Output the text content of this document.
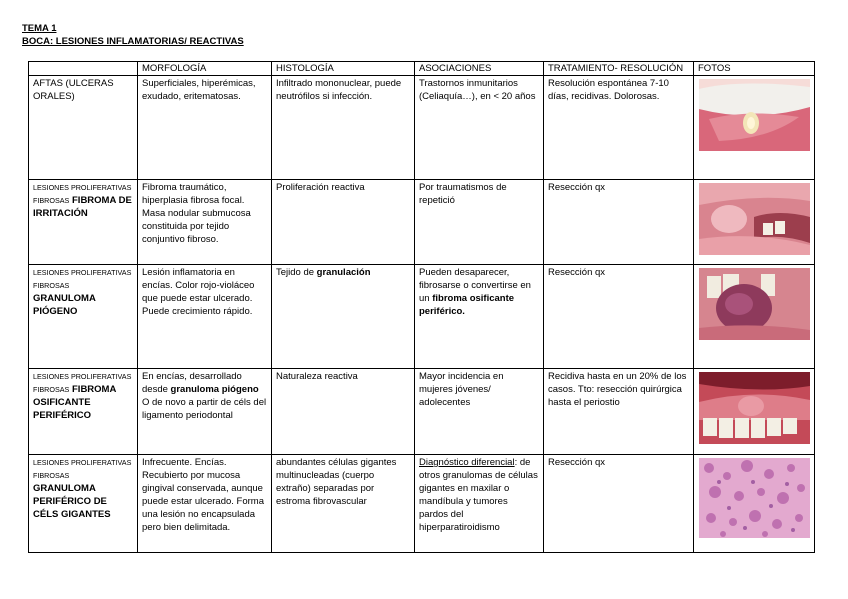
TEMA 1
BOCA: LESIONES INFLAMATORIAS/ REACTIVAS
	MORFOLOGÍA	HISTOLOGÍA	ASOCIACIONES	TRATAMIENTO- RESOLUCIÓN	FOTOS
AFTAS (ULCERAS ORALES)	Superficiales, hiperémicas, exudado, eritematosas.	Infiltrado mononuclear, puede neutrófilos si infección.	Trastornos inmunitarios (Celiaquía…), en < 20 años	Resolución espontánea 7-10 días, recidivas. Dolorosas.	

LESIONES PROLIFERATIVAS FIBROSAS FIBROMA DE IRRITACIÓN	Fibroma traumático, hiperplasia fibrosa focal. Masa nodular submucosa constituida por tejido conjuntivo fibroso.	Proliferación reactiva	Por traumatismos de repetició	Resección qx	

LESIONES PROLIFERATIVAS FIBROSAS GRANULOMA PIÓGENO	Lesión inflamatoria en encías. Color rojo-violáceo que puede estar ulcerado. Puede crecimiento rápido.	Tejido de granulación	Pueden desaparecer, fibrosarse o convertirse en un fibroma osificante periférico.	Resección qx	

LESIONES PROLIFERATIVAS FIBROSAS FIBROMA OSIFICANTE PERIFÉRICO	En encías, desarrollado desde granuloma piógeno O de novo a partir de céls del ligamento periodontal	Naturaleza reactiva	Mayor incidencia en mujeres jóvenes/ adolecentes	Recidiva hasta en un 20% de los casos. Tto: resección quirúrgica hasta el periostio	

LESIONES PROLIFERATIVAS FIBROSAS GRANULOMA PERIFÉRICO DE CÉLS GIGANTES	Infrecuente. Encías. Recubierto por mucosa gingival conservada, aunque puede estar ulcerado. Forma una lesión no encapsulada pero bien delimitada.	abundantes células gigantes multinucleadas (cuerpo extraño) separadas por estroma fibrovascular	Diagnóstico diferencial: de otros granulomas de células gigantes en maxilar o mandíbula y tumores pardos del hiperparatiroidismo	Resección qx	
